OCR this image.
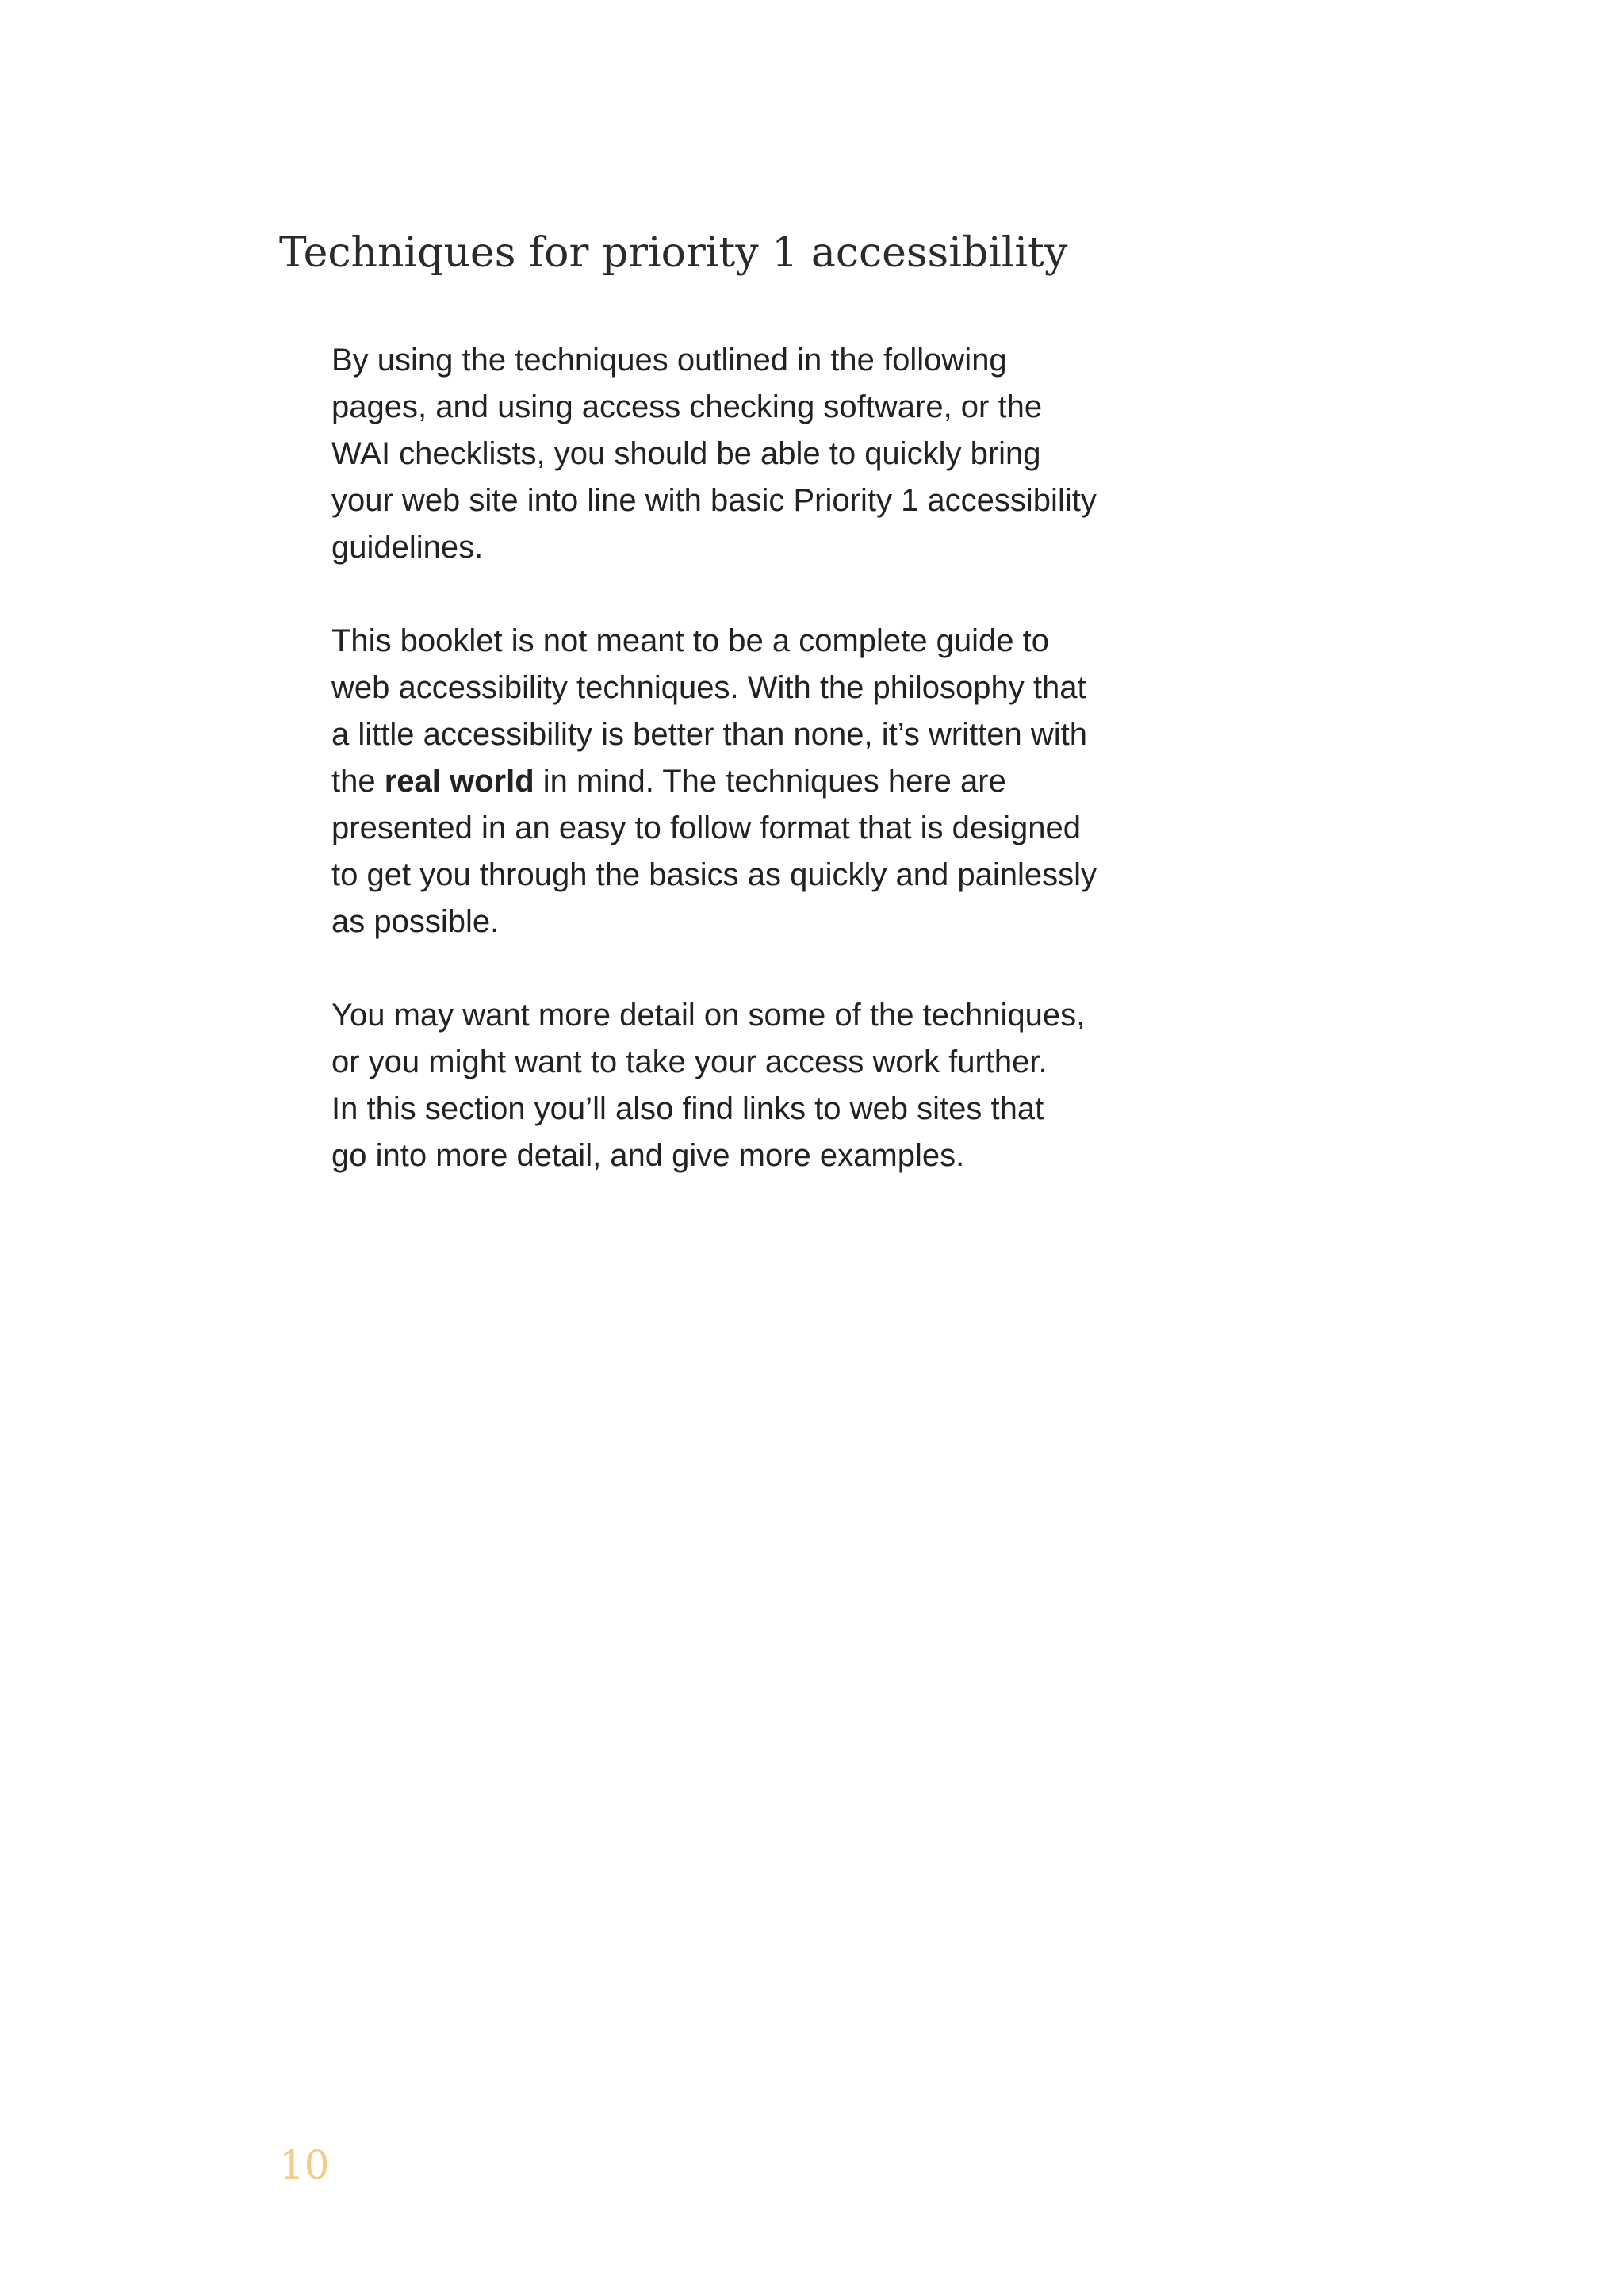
Techniques for priority 1 accessibility

By using the techniques outlined in the following
pages, and using access checking software, or the
WAI checklists, you should be able to quickly bring
your web site into line with basic Priority 1 accessibility
guidelines.

This booklet is not meant to be a complete guide to
web accessibility techniques. With the philosophy that
a little accessibility is better than none, it’s written with
the real world in mind. The techniques here are
presented in an easy to follow format that is designed
to get you through the basics as quickly and painlessly
as possible.

You may want more detail on some of the techniques,
or you might want to take your access work further.
In this section you’ll also find links to web sites that
go into more detail, and give more examples.

10
